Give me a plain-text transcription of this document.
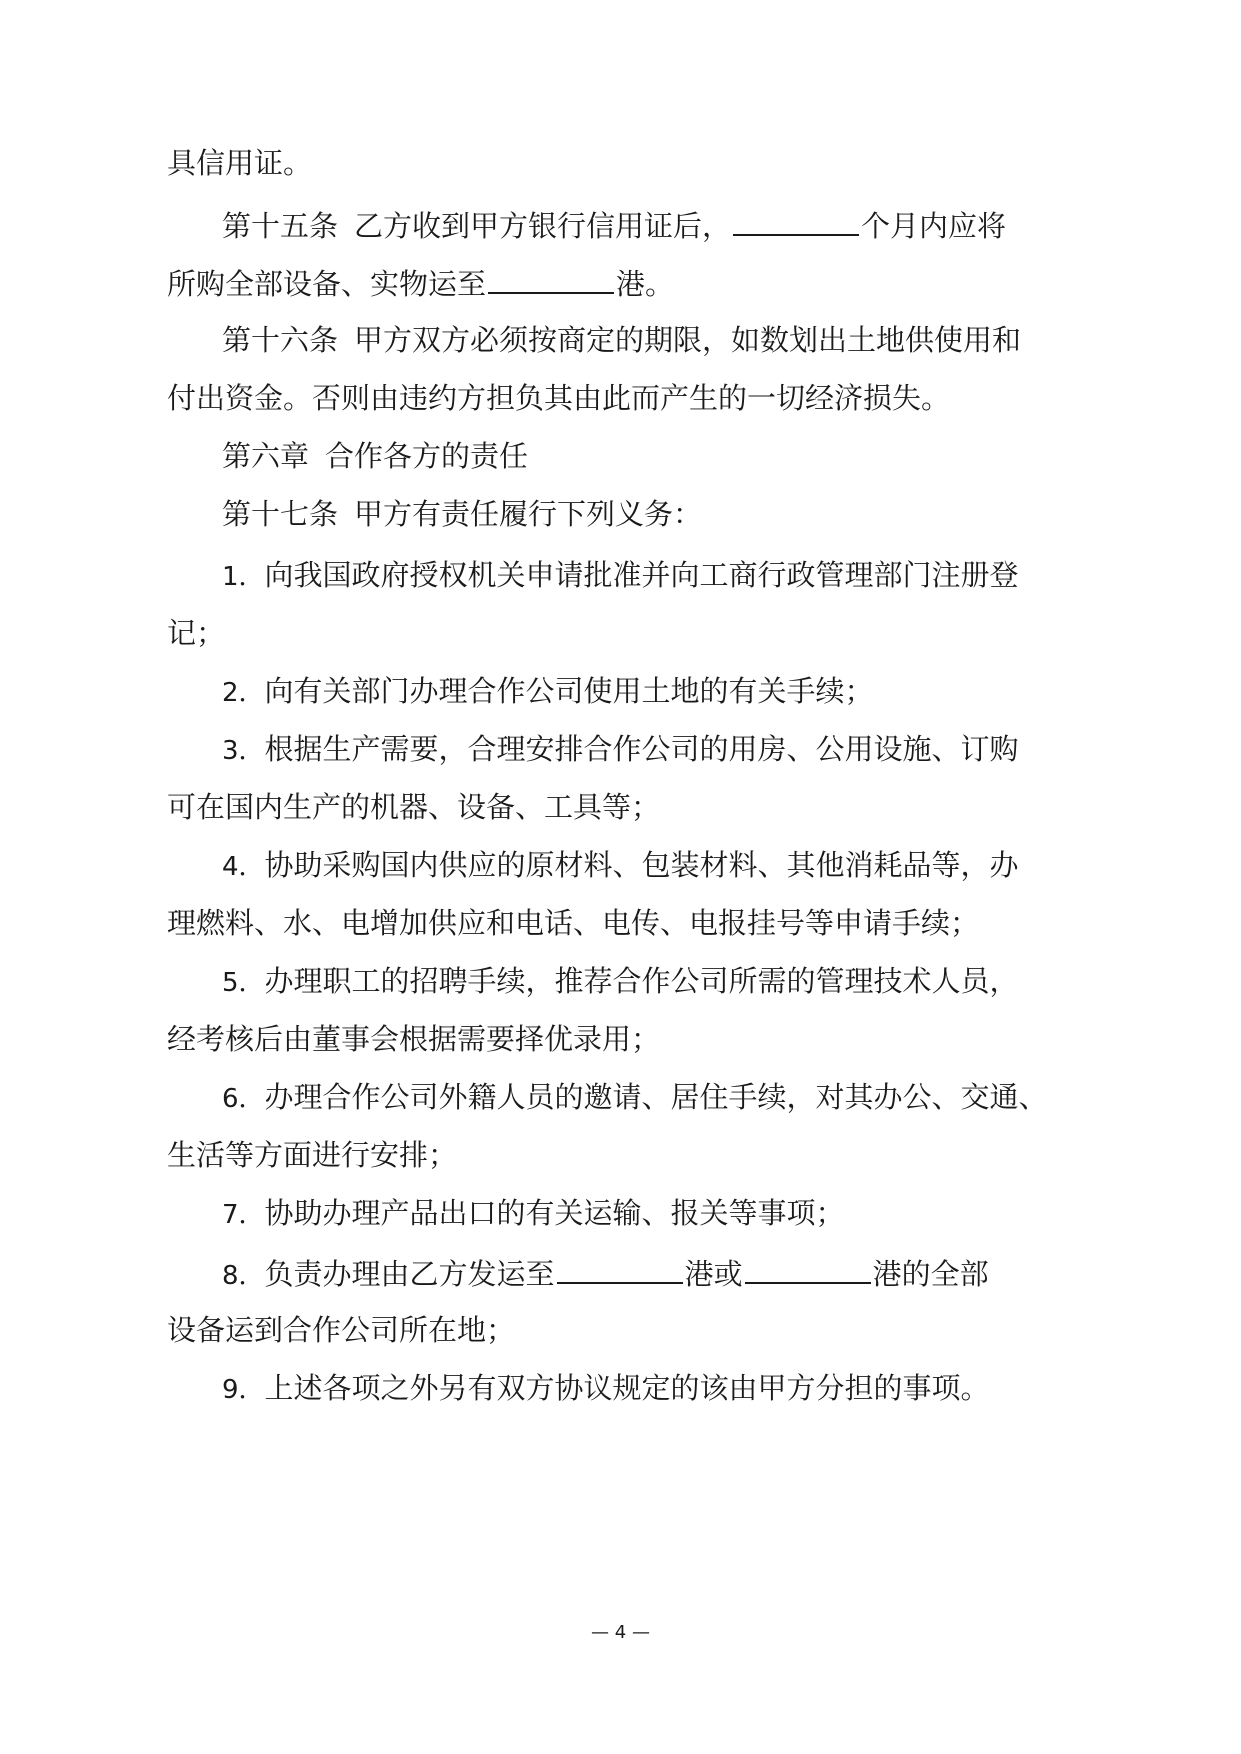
具信用证。
第十五条 乙方收到甲方银行信用证后，	个月内应将
所购全部设备、实物运至	港。
第十六条 甲方双方必须按商定的期限，如数划出土地供使用和
付出资金。否则由违约方担负其由此而产生的一切经济损失。
第六章 合作各方的责任
第十七条 甲方有责任履行下列义务：
1．向我国政府授权机关申请批准并向工商行政管理部门注册登
记；
2．向有关部门办理合作公司使用土地的有关手续；
3．根据生产需要，合理安排合作公司的用房、公用设施、订购
可在国内生产的机器、设备、工具等；
4．协助采购国内供应的原材料、包装材料、其他消耗品等，办
理燃料、水、电增加供应和电话、电传、电报挂号等申请手续；
5．办理职工的招聘手续，推荐合作公司所需的管理技术人员，
经考核后由董事会根据需要择优录用；
6．办理合作公司外籍人员的邀请、居住手续，对其办公、交通、
生活等方面进行安排；
7．协助办理产品出口的有关运输、报关等事项；
8．负责办理由乙方发运至	港或	港的全部
设备运到合作公司所在地；
9．上述各项之外另有双方协议规定的该由甲方分担的事项。
— 4 —
